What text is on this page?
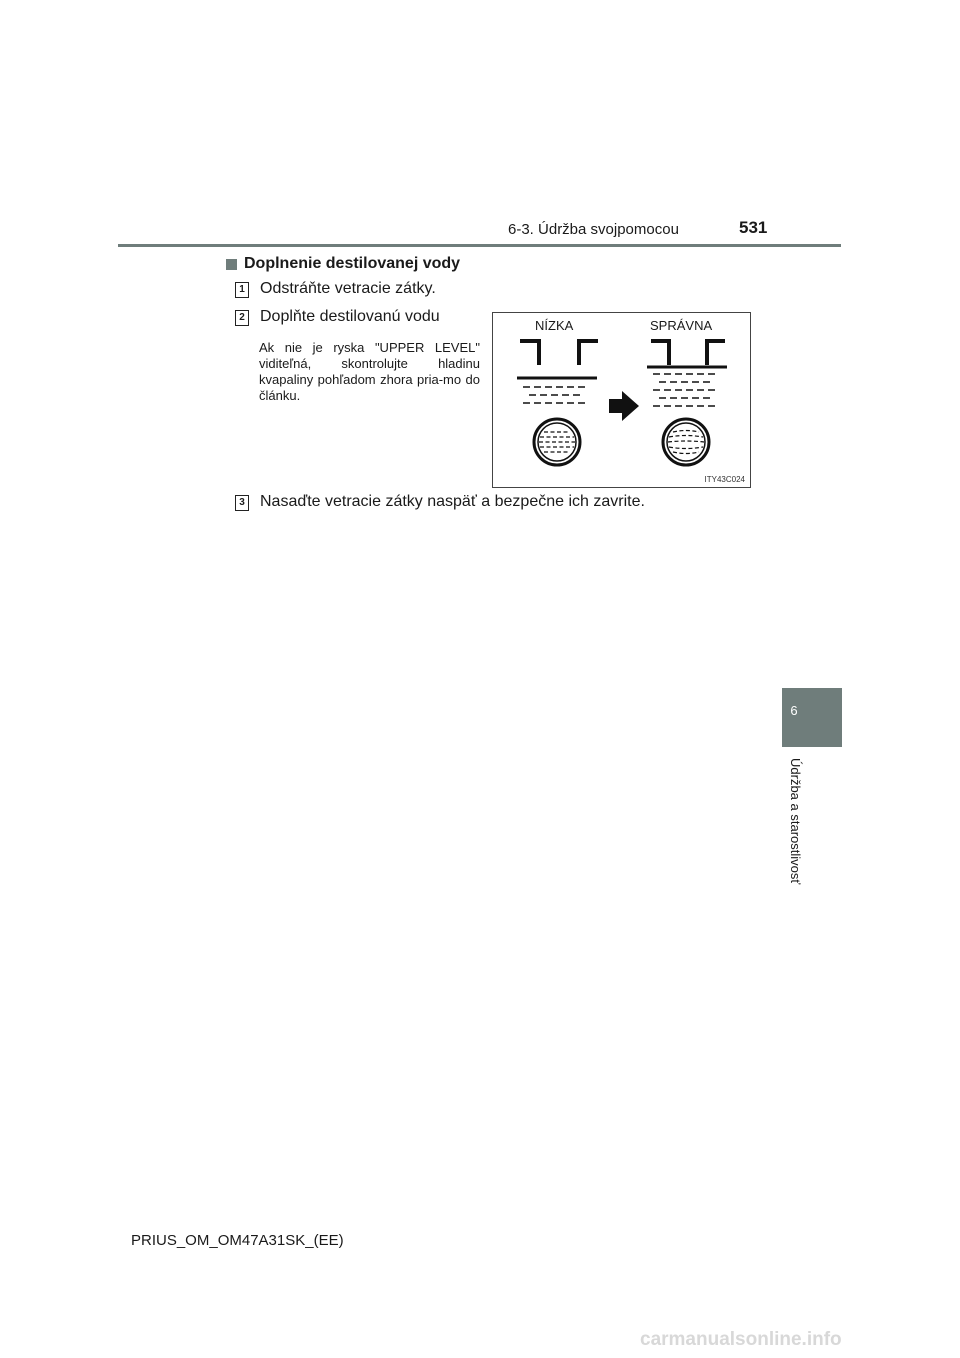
6-3. Údržba svojpomocou	531
6
Údržba a starostlivosť
Doplnenie destilovanej vody
1 Odstráňte vetracie zátky.
2 Doplňte destilovanú vodu
Ak nie je ryska "UPPER LEVEL" viditeľná, skontrolujte hladinu kvapaliny pohľadom zhora pria-mo do článku.
NÍZKA	SPRÁVNA
ITY43C024
3 Nasaďte vetracie zátky naspäť a bezpečne ich zavrite.
PRIUS_OM_OM47A31SK_(EE)
carmanualsonline.info
